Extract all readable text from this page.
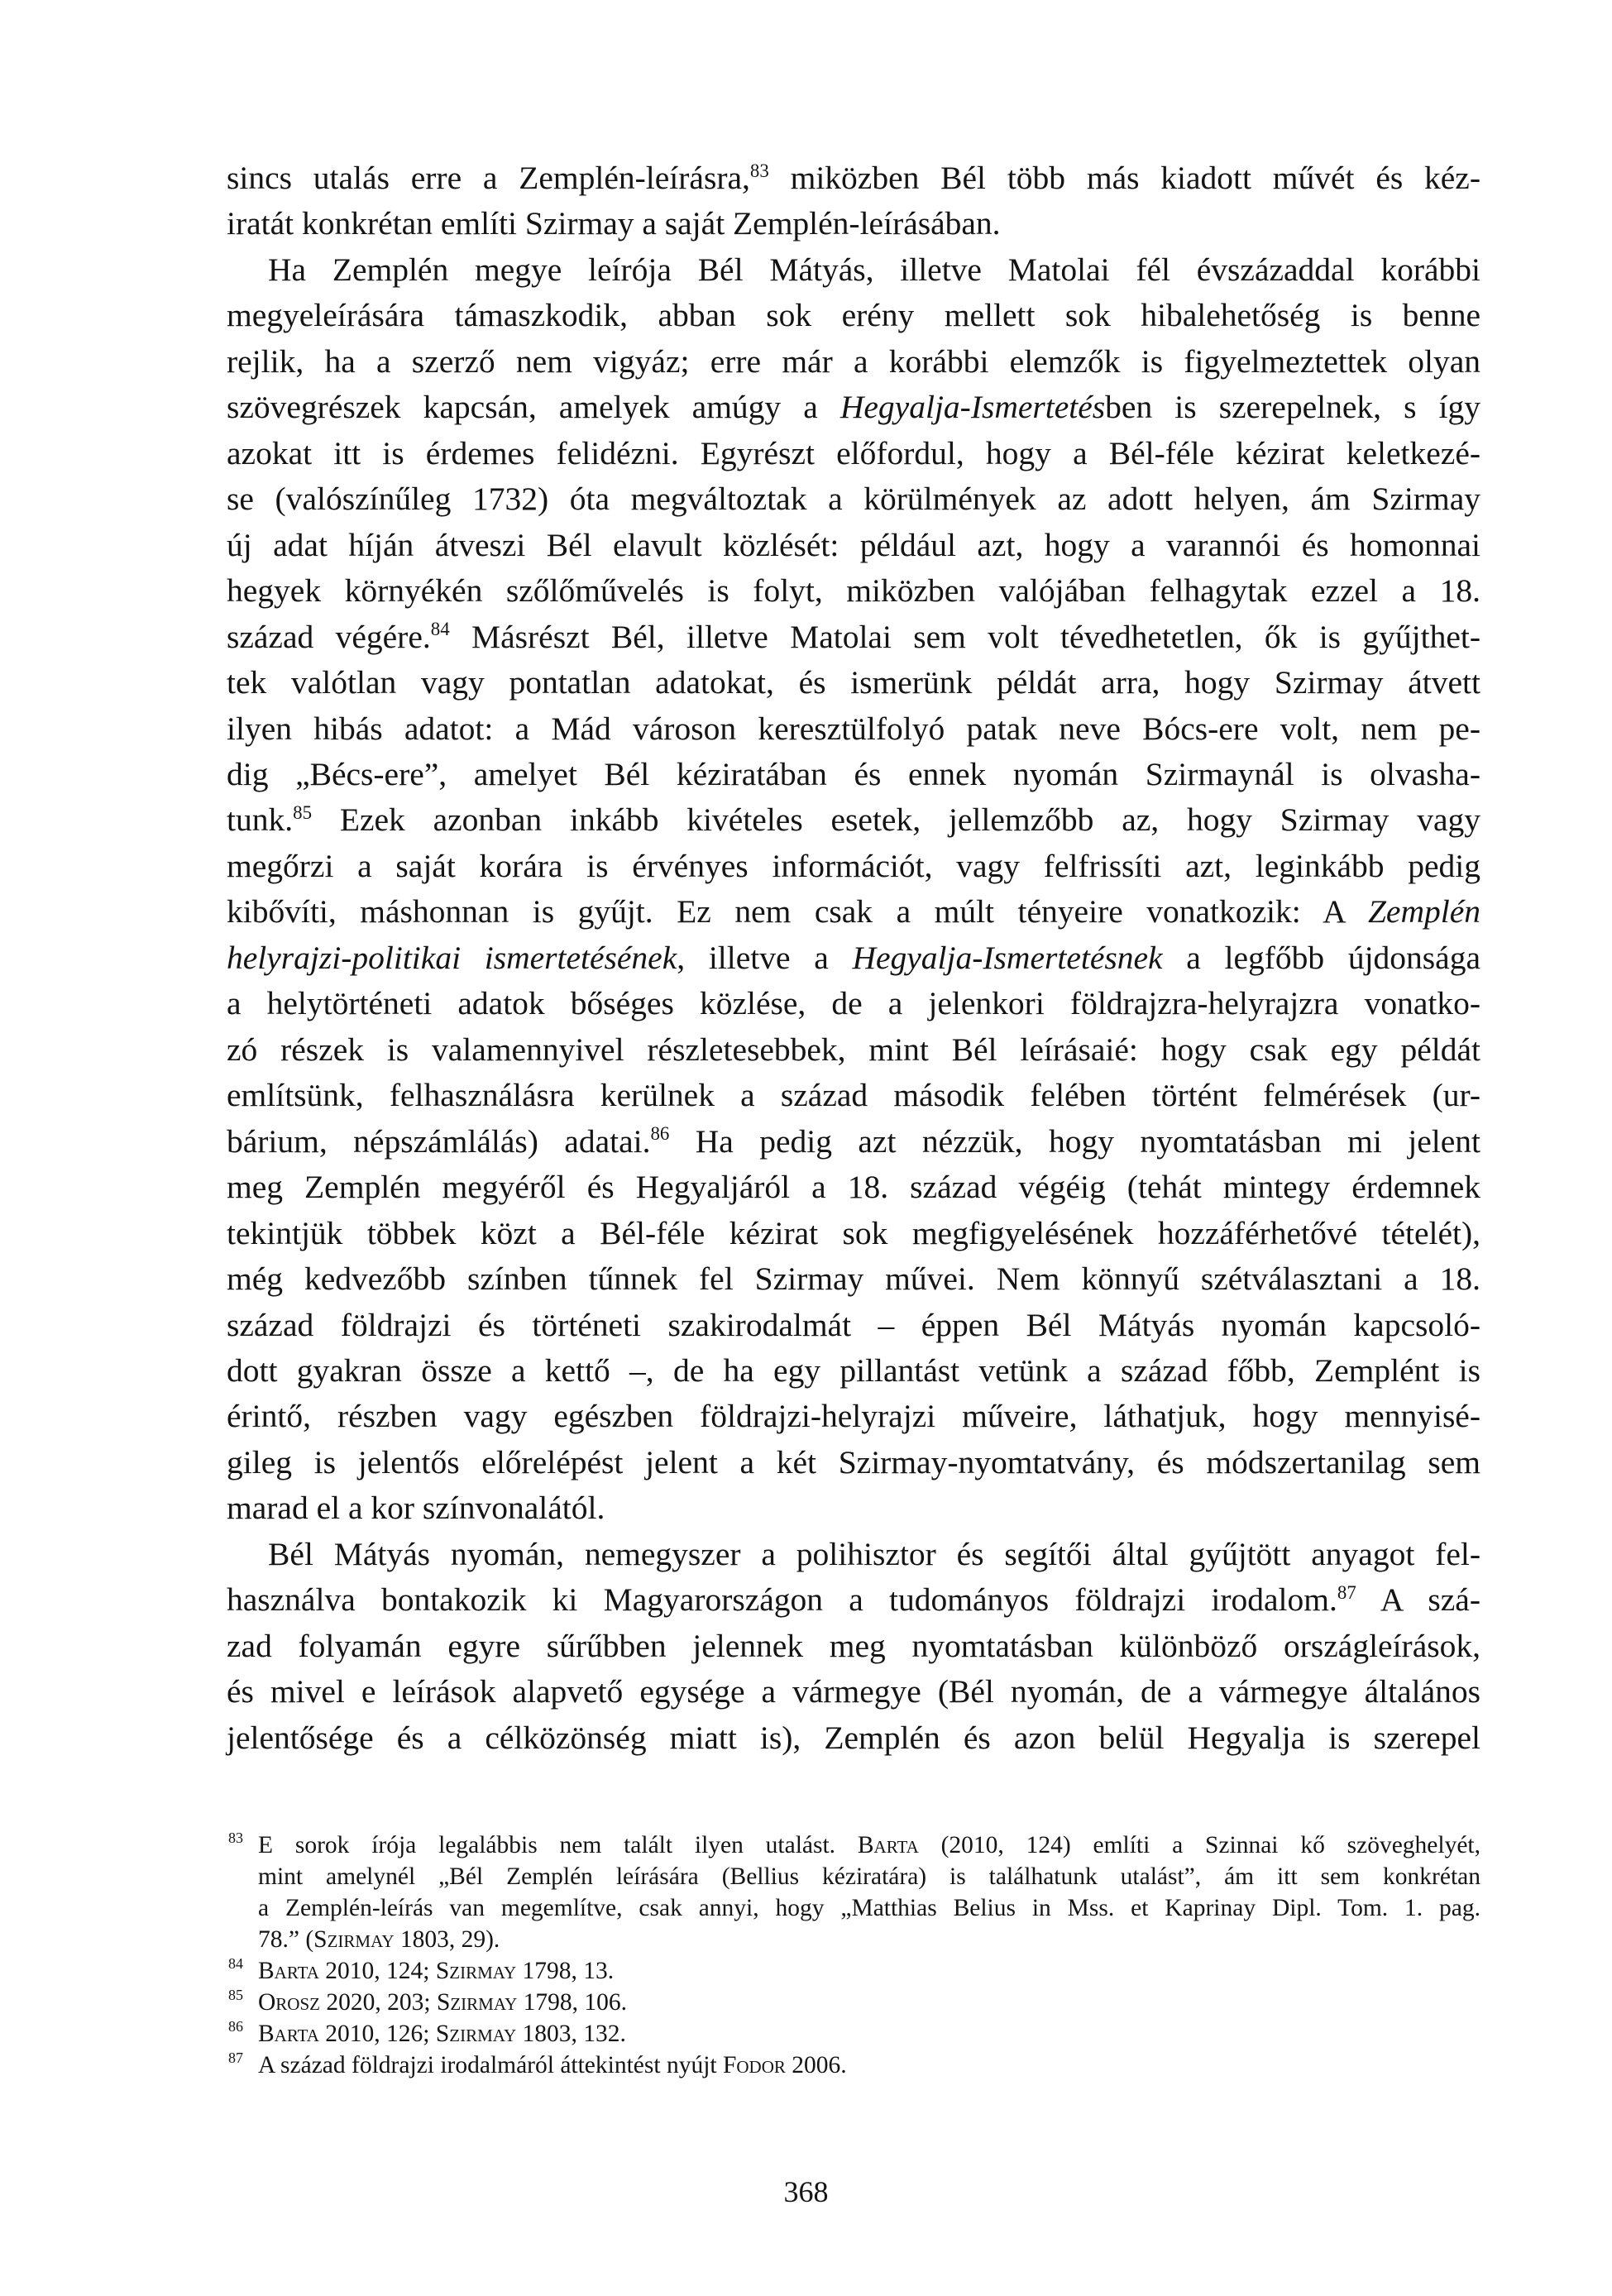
sincs utalás erre a Zemplén-leírásra,$^{83}$ miközben Bél több más kiadott művét és kéz-
iratát konkrétan említi Szirmay a saját Zemplén-leírásában.
Ha Zemplén megye leírója Bél Mátyás, illetve Matolai fél évszázaddal korábbi
megyeleírására támaszkodik, abban sok erény mellett sok hibalehetőség is benne
rejlik, ha a szerző nem vigyáz; erre már a korábbi elemzők is figyelmeztettek olyan
szövegrészek kapcsán, amelyek amúgy a Hegyalja-Ismertetésben is szerepelnek, s így
azokat itt is érdemes felidézni. Egyrészt előfordul, hogy a Bél-féle kézirat keletkezé-
se (valószínűleg 1732) óta megváltoztak a körülmények az adott helyen, ám Szirmay
új adat híján átveszi Bél elavult közlését: például azt, hogy a varannói és homonnai
hegyek környékén szőlőművelés is folyt, miközben valójában felhagytak ezzel a 18.
század végére.$^{84}$ Másrészt Bél, illetve Matolai sem volt tévedhetetlen, ők is gyűjthet-
tek valótlan vagy pontatlan adatokat, és ismerünk példát arra, hogy Szirmay átvett
ilyen hibás adatot: a Mád városon keresztülfolyó patak neve Bócs-ere volt, nem pe-
dig „Bécs-ere”, amelyet Bél kéziratában és ennek nyomán Szirmaynál is olvasha-
tunk.$^{85}$ Ezek azonban inkább kivételes esetek, jellemzőbb az, hogy Szirmay vagy
megőrzi a saját korára is érvényes információt, vagy felfrissíti azt, leginkább pedig
kibővíti, máshonnan is gyűjt. Ez nem csak a múlt tényeire vonatkozik: A Zemplén
helyrajzi-politikai ismertetésének, illetve a Hegyalja-Ismertetésnek a legfőbb újdonsága
a helytörténeti adatok bőséges közlése, de a jelenkori földrajzra-helyrajzra vonatko-
zó részek is valamennyivel részletesebbek, mint Bél leírásaié: hogy csak egy példát
említsünk, felhasználásra kerülnek a század második felében történt felmérések (ur-
bárium, népszámlálás) adatai.$^{86}$ Ha pedig azt nézzük, hogy nyomtatásban mi jelent
meg Zemplén megyéről és Hegyaljáról a 18. század végéig (tehát mintegy érdemnek
tekintjük többek közt a Bél-féle kézirat sok megfigyelésének hozzáférhetővé tételét),
még kedvezőbb színben tűnnek fel Szirmay művei. Nem könnyű szétválasztani a 18.
század földrajzi és történeti szakirodalmát – éppen Bél Mátyás nyomán kapcsoló-
dott gyakran össze a kettő –, de ha egy pillantást vetünk a század főbb, Zemplént is
érintő, részben vagy egészben földrajzi-helyrajzi műveire, láthatjuk, hogy mennyisé-
gileg is jelentős előrelépést jelent a két Szirmay-nyomtatvány, és módszertanilag sem
marad el a kor színvonalától.
Bél Mátyás nyomán, nemegyszer a polihisztor és segítői által gyűjtött anyagot fel-
használva bontakozik ki Magyarországon a tudományos földrajzi irodalom.$^{87}$ A szá-
zad folyamán egyre sűrűbben jelennek meg nyomtatásban különböző országleírások,
és mivel e leírások alapvető egysége a vármegye (Bél nyomán, de a vármegye általános
jelentősége és a célközönség miatt is), Zemplén és azon belül Hegyalja is szerepel
83 E sorok írója legalábbis nem talált ilyen utalást. Barta (2010, 124) említi a Szinnai kő szöveghelyét,
mint amelynél „Bél Zemplén leírására (Bellius kéziratára) is találhatunk utalást”, ám itt sem konkrétan
a Zemplén-leírás van megemlítve, csak annyi, hogy „Matthias Belius in Mss. et Kaprinay Dipl. Tom. 1. pag.
78.” (Szirmay 1803, 29).
84 Barta 2010, 124; Szirmay 1798, 13.
85 Orosz 2020, 203; Szirmay 1798, 106.
86 Barta 2010, 126; Szirmay 1803, 132.
87 A század földrajzi irodalmáról áttekintést nyújt Fodor 2006.
368
